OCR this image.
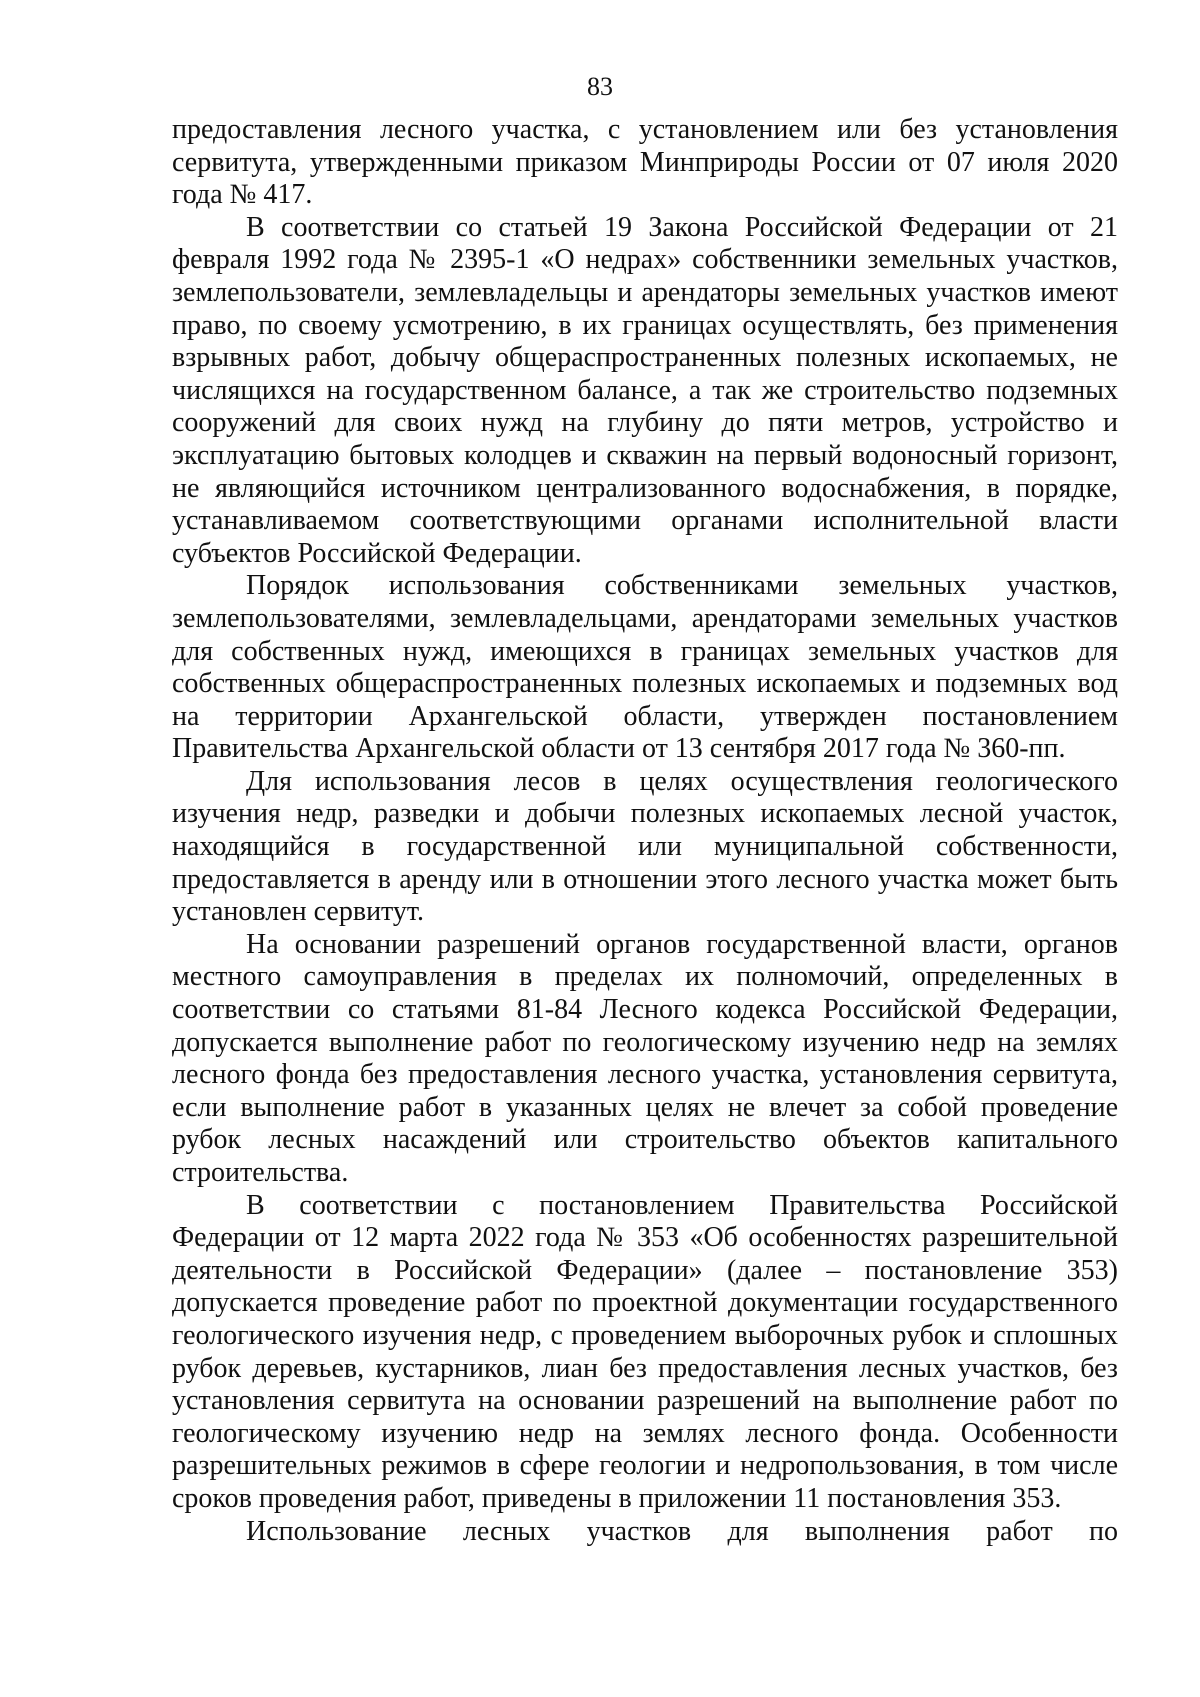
83

предоставления лесного участка, с установлением или без установления сервитута, утвержденными приказом Минприроды России от 07 июля 2020 года № 417.

В соответствии со статьей 19 Закона Российской Федерации от 21 февраля 1992 года № 2395-1 «О недрах» собственники земельных участков, землепользователи, землевладельцы и арендаторы земельных участков имеют право, по своему усмотрению, в их границах осуществлять, без применения взрывных работ, добычу общераспространенных полезных ископаемых, не числящихся на государственном балансе, а так же строительство подземных сооружений для своих нужд на глубину до пяти метров, устройство и эксплуатацию бытовых колодцев и скважин на первый водоносный горизонт, не являющийся источником централизованного водоснабжения, в порядке, устанавливаемом соответствующими органами исполнительной власти субъектов Российской Федерации.

Порядок использования собственниками земельных участков, землепользователями, землевладельцами, арендаторами земельных участков для собственных нужд, имеющихся в границах земельных участков для собственных общераспространенных полезных ископаемых и подземных вод на территории Архангельской области, утвержден постановлением Правительства Архангельской области от 13 сентября 2017 года № 360-пп.

Для использования лесов в целях осуществления геологического изучения недр, разведки и добычи полезных ископаемых лесной участок, находящийся в государственной или муниципальной собственности, предоставляется в аренду или в отношении этого лесного участка может быть установлен сервитут.

На основании разрешений органов государственной власти, органов местного самоуправления в пределах их полномочий, определенных в соответствии со статьями 81-84 Лесного кодекса Российской Федерации, допускается выполнение работ по геологическому изучению недр на землях лесного фонда без предоставления лесного участка, установления сервитута, если выполнение работ в указанных целях не влечет за собой проведение рубок лесных насаждений или строительство объектов капитального строительства.

В соответствии с постановлением Правительства Российской Федерации от 12 марта 2022 года № 353 «Об особенностях разрешительной деятельности в Российской Федерации» (далее – постановление 353) допускается проведение работ по проектной документации государственного геологического изучения недр, с проведением выборочных рубок и сплошных рубок деревьев, кустарников, лиан без предоставления лесных участков, без установления сервитута на основании разрешений на выполнение работ по геологическому изучению недр на землях лесного фонда. Особенности разрешительных режимов в сфере геологии и недропользования, в том числе сроков проведения работ, приведены в приложении 11 постановления 353.

Использование лесных участков для выполнения работ по
